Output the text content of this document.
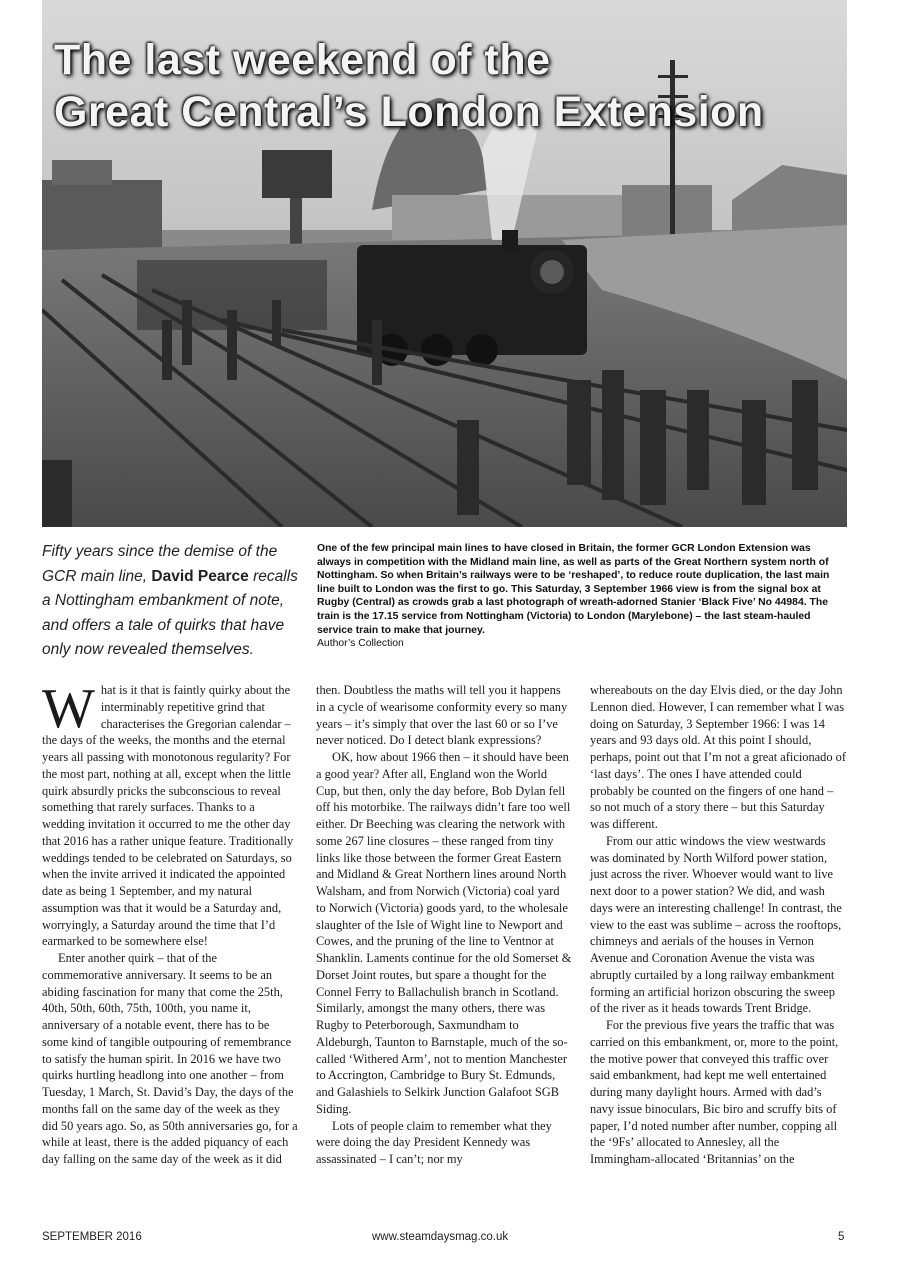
The last weekend of the
Great Central’s London Extension
Fifty years since the demise of the GCR main line, David Pearce recalls a Nottingham embankment of note, and offers a tale of quirks that have only now revealed themselves.
One of the few principal main lines to have closed in Britain, the former GCR London Extension was always in competition with the Midland main line, as well as parts of the Great Northern system north of Nottingham. So when Britain’s railways were to be ‘reshaped’, to reduce route duplication, the last main line built to London was the first to go. This Saturday, 3 September 1966 view is from the signal box at Rugby (Central) as crowds grab a last photograph of wreath-adorned Stanier ‘Black Five’ No 44984. The train is the 17.15 service from Nottingham (Victoria) to London (Marylebone) – the last steam-hauled service train to make that journey.
Author’s Collection

What is it that is faintly quirky about the interminably repetitive grind that characterises the Gregorian calendar – the days of the weeks, the months and the eternal years all passing with monotonous regularity? For the most part, nothing at all, except when the little quirk absurdly pricks the subconscious to reveal something that rarely surfaces. Thanks to a wedding invitation it occurred to me the other day that 2016 has a rather unique feature. Traditionally weddings tended to be celebrated on Saturdays, so when the invite arrived it indicated the appointed date as being 1 September, and my natural assumption was that it would be a Saturday and, worryingly, a Saturday around the time that I’d earmarked to be somewhere else!

Enter another quirk – that of the commemorative anniversary. It seems to be an abiding fascination for many that come the 25th, 40th, 50th, 60th, 75th, 100th, you name it, anniversary of a notable event, there has to be some kind of tangible outpouring of remembrance to satisfy the human spirit. In 2016 we have two quirks hurtling headlong into one another – from Tuesday, 1 March, St. David’s Day, the days of the months fall on the same day of the week as they did 50 years ago. So, as 50th anniversaries go, for a while at least, there is the added piquancy of each day falling on the same day of the week as it did

then. Doubtless the maths will tell you it happens in a cycle of wearisome conformity every so many years – it’s simply that over the last 60 or so I’ve never noticed. Do I detect blank expressions?

OK, how about 1966 then – it should have been a good year? After all, England won the World Cup, but then, only the day before, Bob Dylan fell off his motorbike. The railways didn’t fare too well either. Dr Beeching was clearing the network with some 267 line closures – these ranged from tiny links like those between the former Great Eastern and Midland & Great Northern lines around North Walsham, and from Norwich (Victoria) coal yard to Norwich (Victoria) goods yard, to the wholesale slaughter of the Isle of Wight line to Newport and Cowes, and the pruning of the line to Ventnor at Shanklin. Laments continue for the old Somerset & Dorset Joint routes, but spare a thought for the Connel Ferry to Ballachulish branch in Scotland. Similarly, amongst the many others, there was Rugby to Peterborough, Saxmundham to Aldeburgh, Taunton to Barnstaple, much of the so-called ‘Withered Arm’, not to mention Manchester to Accrington, Cambridge to Bury St. Edmunds, and Galashiels to Selkirk Junction Galafoot SGB Siding.

Lots of people claim to remember what they were doing the day President Kennedy was assassinated – I can’t; nor my

whereabouts on the day Elvis died, or the day John Lennon died. However, I can remember what I was doing on Saturday, 3 September 1966: I was 14 years and 93 days old. At this point I should, perhaps, point out that I’m not a great aficionado of ‘last days’. The ones I have attended could probably be counted on the fingers of one hand – so not much of a story there – but this Saturday was different.

From our attic windows the view westwards was dominated by North Wilford power station, just across the river. Whoever would want to live next door to a power station? We did, and wash days were an interesting challenge! In contrast, the view to the east was sublime – across the rooftops, chimneys and aerials of the houses in Vernon Avenue and Coronation Avenue the vista was abruptly curtailed by a long railway embankment forming an artificial horizon obscuring the sweep of the river as it heads towards Trent Bridge.

For the previous five years the traffic that was carried on this embankment, or, more to the point, the motive power that conveyed this traffic over said embankment, had kept me well entertained during many daylight hours. Armed with dad’s navy issue binoculars, Bic biro and scruffy bits of paper, I’d noted number after number, copping all the ‘9Fs’ allocated to Annesley, all the Immingham-allocated ‘Britannias’ on the

SEPTEMBER 2016	www.steamdaysmag.co.uk	5
